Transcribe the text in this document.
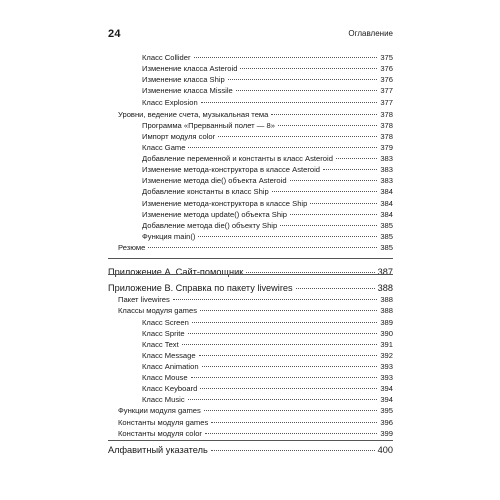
24	Оглавление
Класс Collider	375
Изменение класса Asteroid	376
Изменение класса Ship	376
Изменение класса Missile	377
Класс Explosion	377
Уровни, ведение счета, музыкальная тема	378
Программа «Прерванный полет — 8»	378
Импорт модуля color	378
Класс Game	379
Добавление переменной и константы в класс Asteroid	383
Изменение метода-конструктора в классе Asteroid	383
Изменение метода die() объекта Asteroid	383
Добавление константы в класс Ship	384
Изменение метода-конструктора в классе Ship	384
Изменение метода update() объекта Ship	384
Добавление метода die() объекту Ship	385
Функция main()	385
Резюме	385
Приложение А. Сайт-помощник	387
Приложение В. Справка по пакету livewires	388
Пакет livewires	388
Классы модуля games	388
Класс Screen	389
Класс Sprite	390
Класс Text	391
Класс Message	392
Класс Animation	393
Класс Mouse	393
Класс Keyboard	394
Класс Music	394
Функции модуля games	395
Константы модуля games	396
Константы модуля color	399
Алфавитный указатель	400
